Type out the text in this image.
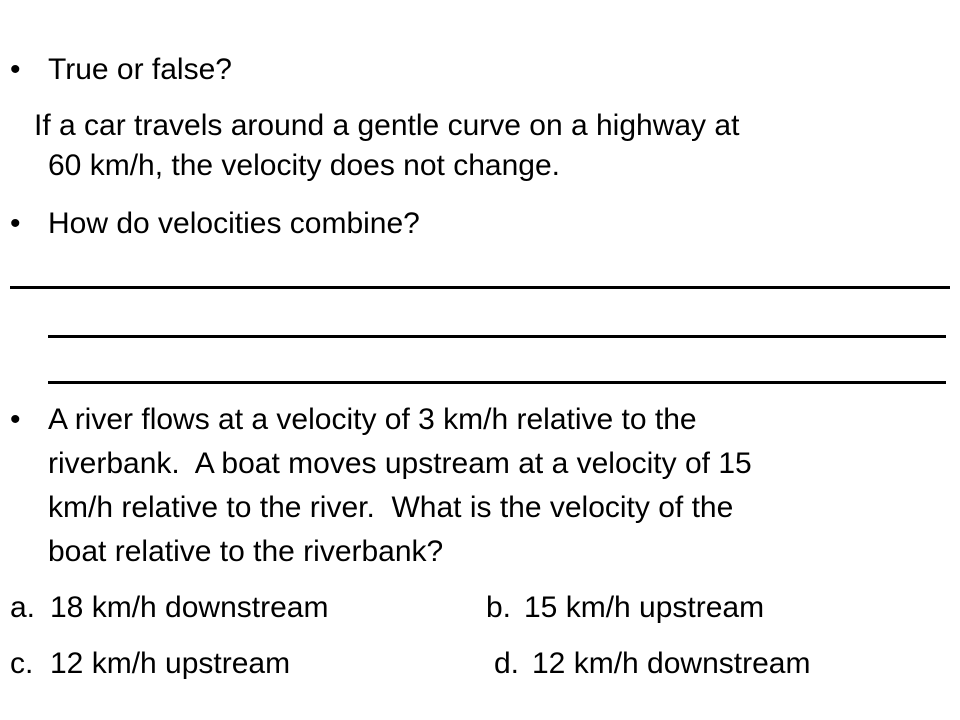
• True or false?
If a car travels around a gentle curve on a highway at
60 km/h, the velocity does not change.
• How do velocities combine?
• A river flows at a velocity of 3 km/h relative to the
riverbank.  A boat moves upstream at a velocity of 15
km/h relative to the river.  What is the velocity of the
boat relative to the riverbank?
a. 18 km/h downstream	b. 15 km/h upstream
c. 12 km/h upstream	d. 12 km/h downstream
